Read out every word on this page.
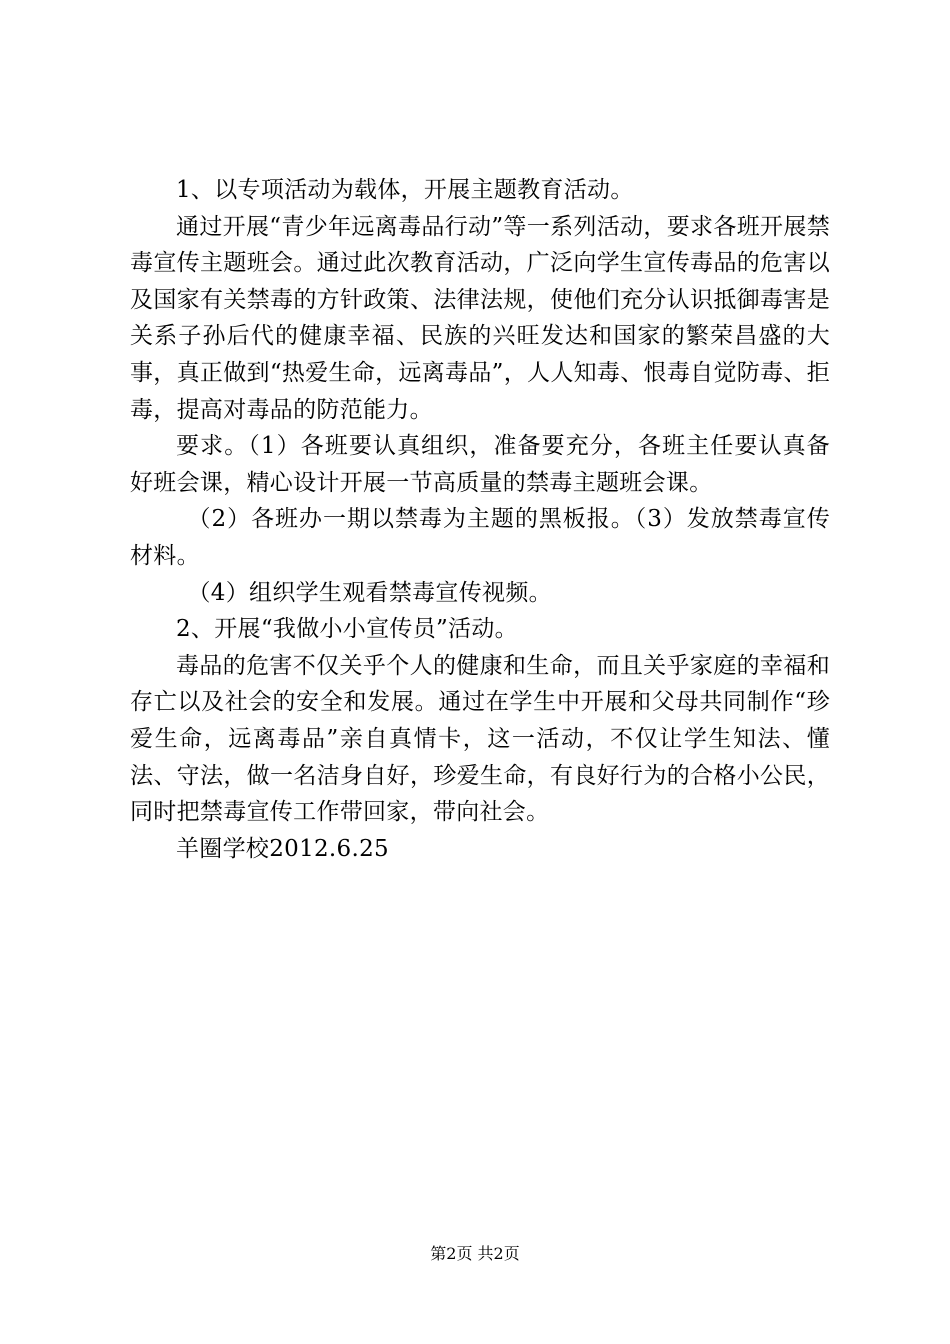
1、以专项活动为载体，开展主题教育活动。

通过开展“青少年远离毒品行动”等一系列活动，要求各班开展禁毒宣传主题班会。通过此次教育活动，广泛向学生宣传毒品的危害以及国家有关禁毒的方针政策、法律法规，使他们充分认识抵御毒害是关系子孙后代的健康幸福、民族的兴旺发达和国家的繁荣昌盛的大事，真正做到“热爱生命，远离毒品”，人人知毒、恨毒自觉防毒、拒毒，提高对毒品的防范能力。

要求。（1）各班要认真组织，准备要充分，各班主任要认真备好班会课，精心设计开展一节高质量的禁毒主题班会课。

（2）各班办一期以禁毒为主题的黑板报。（3）发放禁毒宣传材料。

（4）组织学生观看禁毒宣传视频。

2、开展“我做小小宣传员”活动。

毒品的危害不仅关乎个人的健康和生命，而且关乎家庭的幸福和存亡以及社会的安全和发展。通过在学生中开展和父母共同制作“珍爱生命，远离毒品”亲自真情卡，这一活动，不仅让学生知法、懂法、守法，做一名洁身自好，珍爱生命，有良好行为的合格小公民，同时把禁毒宣传工作带回家，带向社会。

羊圈学校2012.6.25

第2页 共2页
